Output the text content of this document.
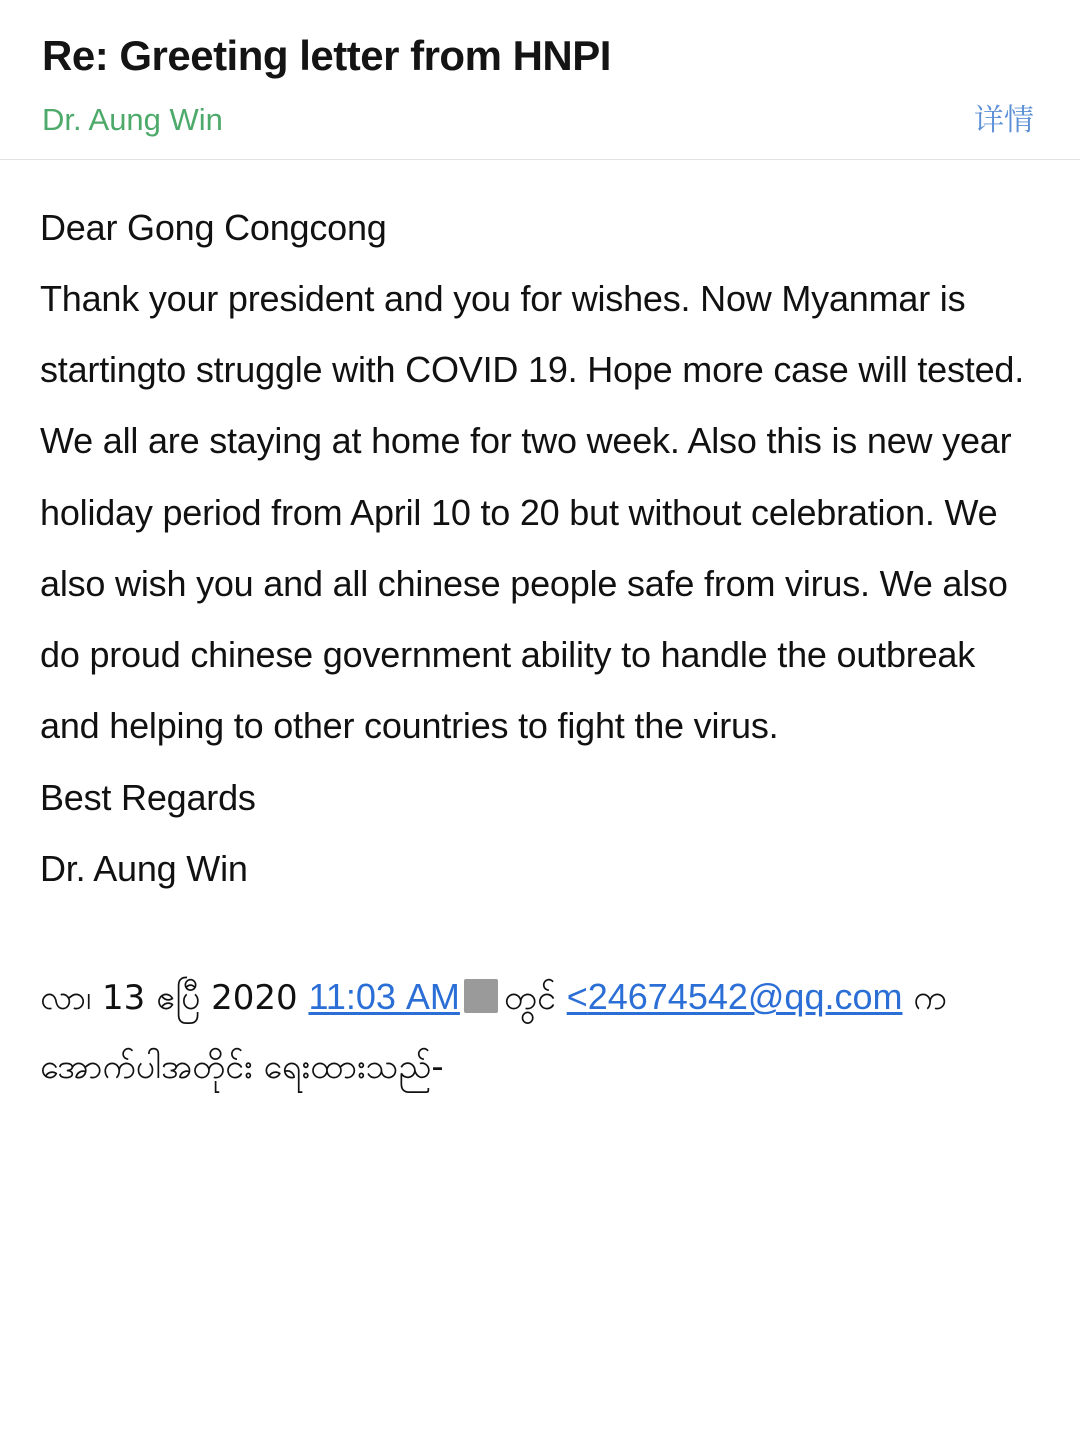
Re: Greeting letter from HNPI
Dr. Aung Win	详情
Dear Gong Congcong
Thank your president and you for wishes. Now Myanmar is startingto struggle with COVID 19. Hope more case will tested. We all are staying at home for two week. Also this is new year holiday period from April 10 to 20 but without celebration. We also wish you and all chinese people safe from virus. We also do proud chinese government ability to handle the outbreak and helping to other countries to fight the virus.
Best Regards
Dr. Aung Win
လာ၊ 13 ဧပြီ 2020 11:03 AM တွင် <24674542@qq.com က အောက်ပါအတိုင်း ရေးထားသည်-
